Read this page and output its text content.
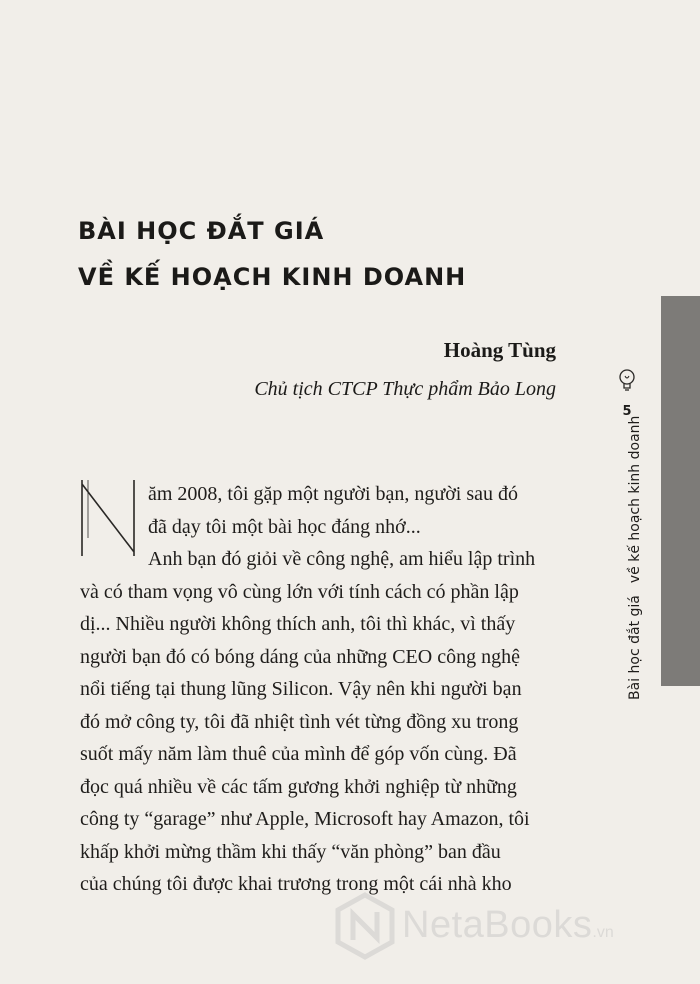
BÀI HỌC ĐẮT GIÁ
VỀ KẾ HOẠCH KINH DOANH
Hoàng Tùng
Chủ tịch CTCP Thực phẩm Bảo Long
ăm 2008, tôi gặp một người bạn, người sau đó
đã dạy tôi một bài học đáng nhớ...
Anh bạn đó giỏi về công nghệ, am hiểu lập trình
và có tham vọng vô cùng lớn với tính cách có phần lập
dị... Nhiều người không thích anh, tôi thì khác, vì thấy
người bạn đó có bóng dáng của những CEO công nghệ
nổi tiếng tại thung lũng Silicon. Vậy nên khi người bạn
đó mở công ty, tôi đã nhiệt tình vét từng đồng xu trong
suốt mấy năm làm thuê của mình để góp vốn cùng. Đã
đọc quá nhiều về các tấm gương khởi nghiệp từ những
công ty “garage” như Apple, Microsoft hay Amazon, tôi
khấp khởi mừng thầm khi thấy “văn phòng” ban đầu
của chúng tôi được khai trương trong một cái nhà kho
5
Bài học đắt giávề kế hoạch kinh doanh
NetaBooks.vn
